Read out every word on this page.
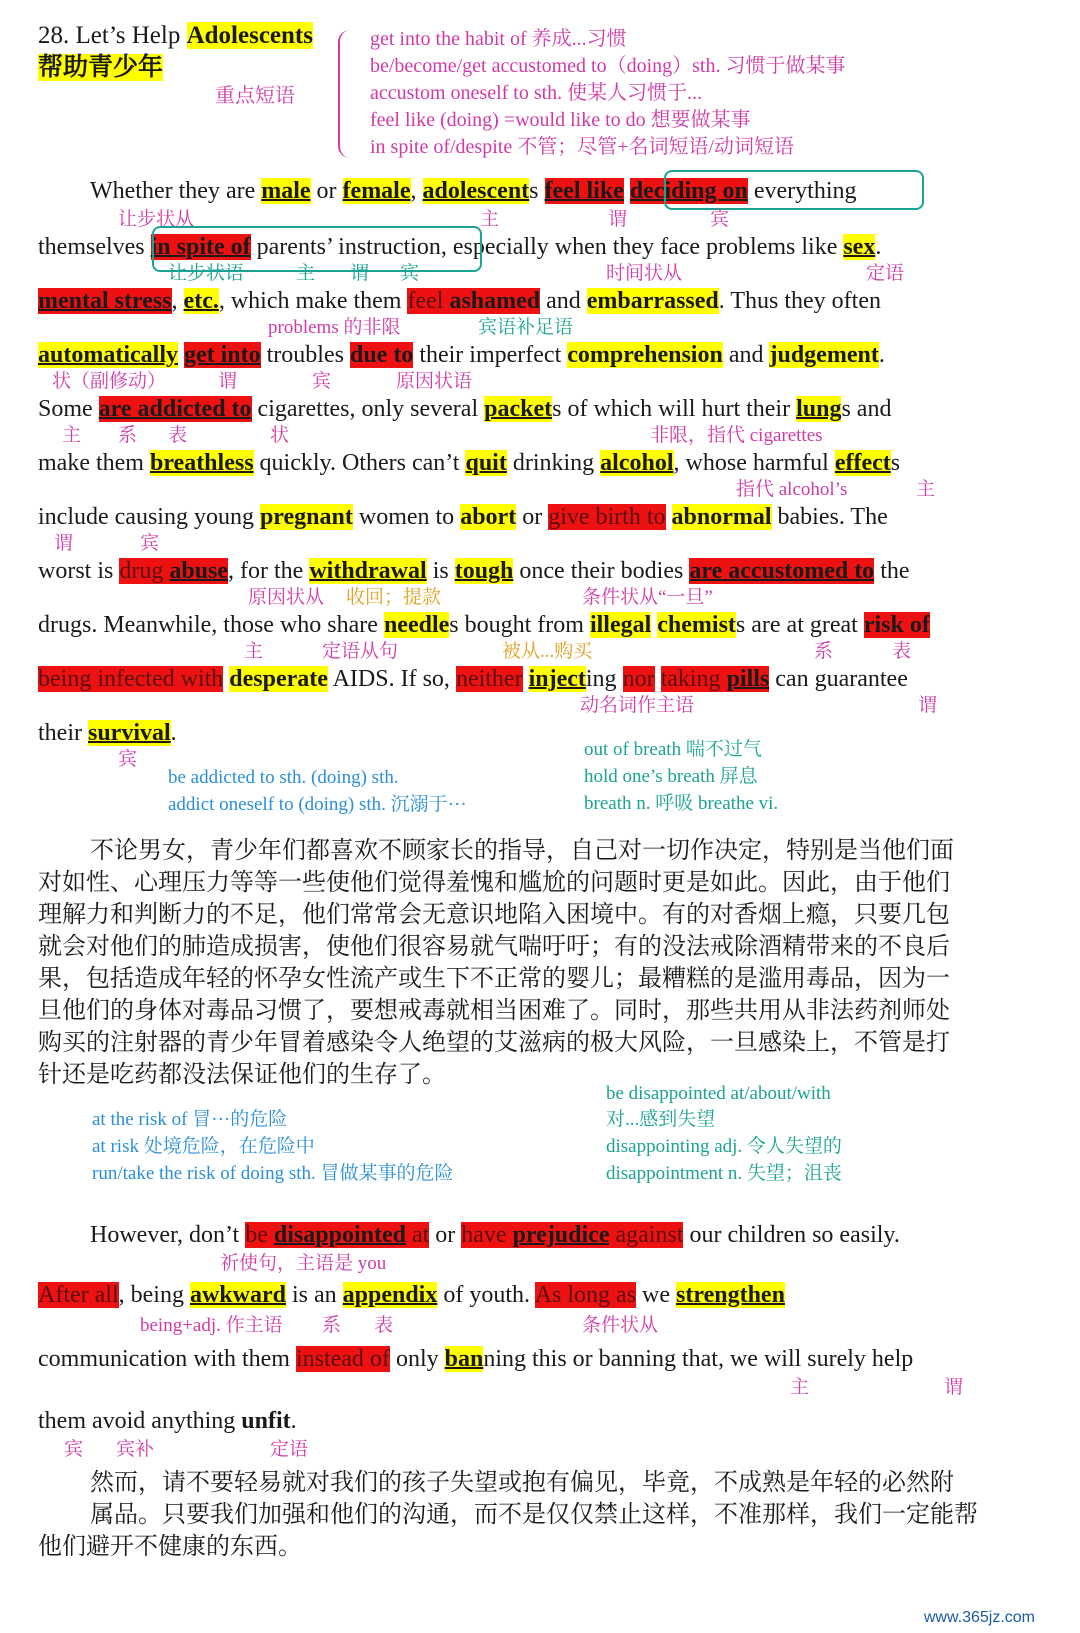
28. Let’s Help Adolescents
帮助青少年
重点短语
get into the habit of 养成...习惯
be/become/get accustomed to（doing）sth. 习惯于做某事
accustom oneself to sth. 使某人习惯于...
feel like (doing) =would like to do 想要做某事
in spite of/despite 不管；尽管+名词短语/动词短语
Whether they are male or female, adolescents feel like deciding on everything
让步状从	主	谓	宾
themselves in spite of parents’ instruction, especially when they face problems like sex.
让步状语	主 谓 宾	时间状从	定语
mental stress, etc., which make them feel ashamed and embarrassed. Thus they often
problems 的非限	宾语补足语
automatically get into troubles due to their imperfect comprehension and judgement.
状（副修动）	谓	宾	原因状语
Some are addicted to cigarettes, only several packets of which will hurt their lungs and
主 系 表	状	非限，指代 cigarettes
make them breathless quickly. Others can’t quit drinking alcohol, whose harmful effects
指代 alcohol’s	主
include causing young pregnant women to abort or give birth to abnormal babies. The
谓	宾
worst is drug abuse, for the withdrawal is tough once their bodies are accustomed to the
原因状从 收回；提款	条件状从“一旦”
drugs. Meanwhile, those who share needles bought from illegal chemists are at great risk of
主	定语从句	被从...购买	系	表
being infected with desperate AIDS. If so, neither injecting nor taking pills can guarantee
动名词作主语	谓
their survival.
宾	out of breath 喘不过气
hold one’s breath 屏息
breath n. 呼吸 breathe vi.
be addicted to sth. (doing) sth.
addict oneself to (doing) sth. 沉溺于···
不论男女，青少年们都喜欢不顾家长的指导，自己对一切作决定，特别是当他们面
对如性、心理压力等等一些使他们觉得羞愧和尴尬的问题时更是如此。因此，由于他们
理解力和判断力的不足，他们常常会无意识地陷入困境中。有的对香烟上瘾，只要几包
就会对他们的肺造成损害，使他们很容易就气喘吁吁；有的没法戒除酒精带来的不良后
果，包括造成年轻的怀孕女性流产或生下不正常的婴儿；最糟糕的是滥用毒品，因为一
旦他们的身体对毒品习惯了，要想戒毒就相当困难了。同时，那些共用从非法药剂师处
购买的注射器的青少年冒着感染令人绝望的艾滋病的极大风险，一旦感染上，不管是打
针还是吃药都没法保证他们的生存了。
be disappointed at/about/with
对...感到失望
disappointing adj. 令人失望的
disappointment n. 失望；沮丧
at the risk of 冒···的危险
at risk 处境危险，在危险中
run/take the risk of doing sth. 冒做某事的危险
However, don’t be disappointed at or have prejudice against our children so easily.
祈使句，主语是 you
After all, being awkward is an appendix of youth. As long as we strengthen
being+adj. 作主语 系 表	条件状从
communication with them instead of only banning this or banning that, we will surely help
主	谓
them avoid anything unfit.
宾 宾补	定语
然而，请不要轻易就对我们的孩子失望或抱有偏见，毕竟，不成熟是年轻的必然附
属品。只要我们加强和他们的沟通，而不是仅仅禁止这样，不准那样，我们一定能帮
他们避开不健康的东西。
www.365jz.com
